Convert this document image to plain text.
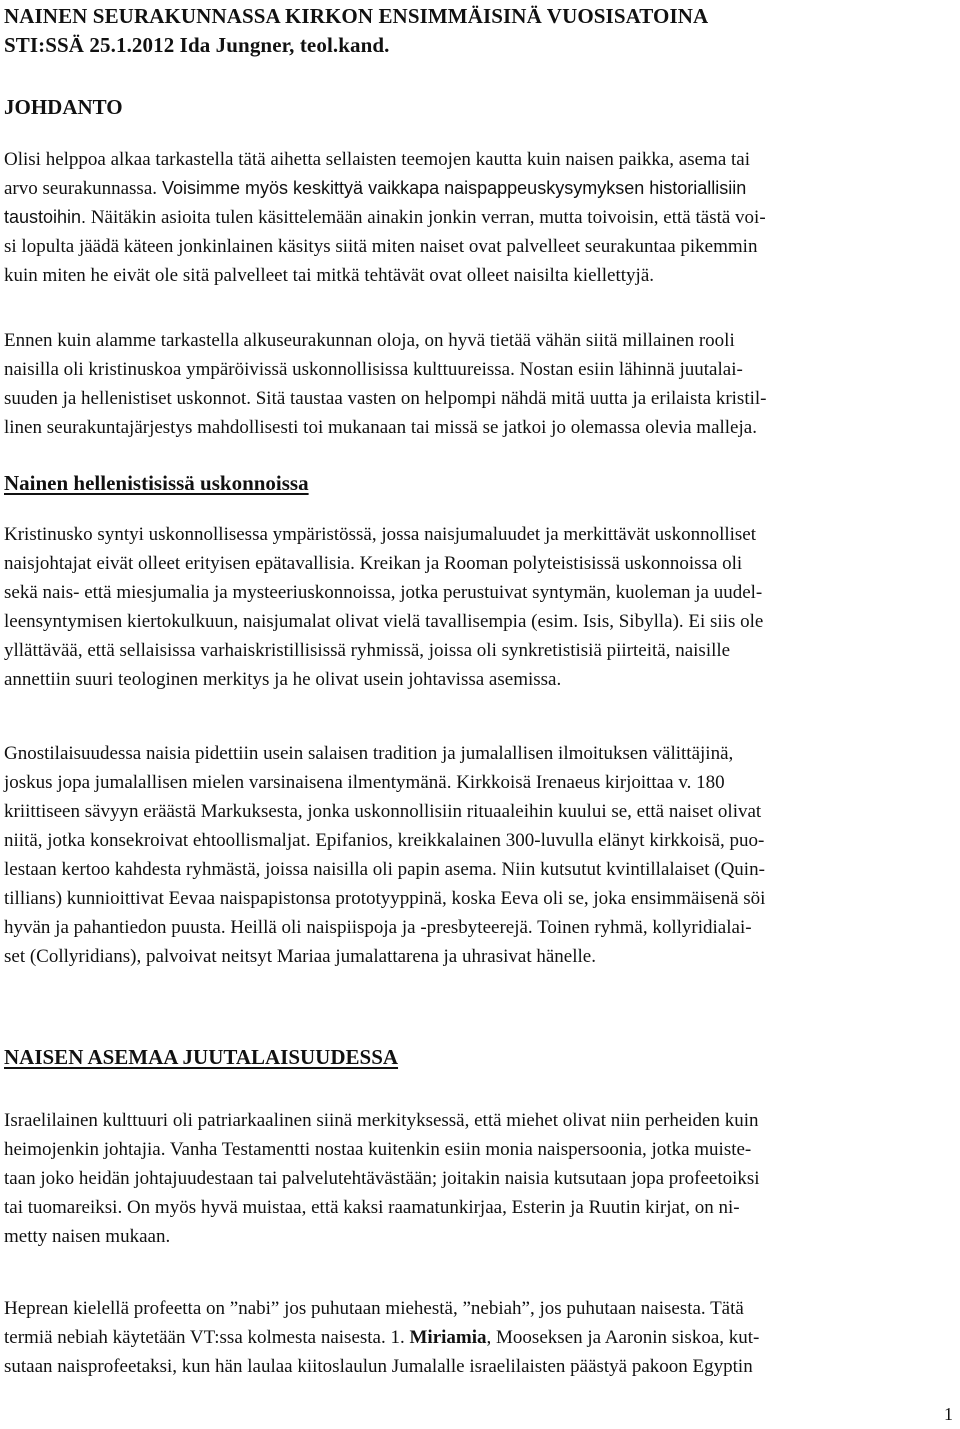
NAINEN SEURAKUNNASSA KIRKON ENSIMMÄISINÄ VUOSISATOINA
STI:SSÄ 25.1.2012 Ida Jungner, teol.kand.
JOHDANTO

Olisi helppoa alkaa tarkastella tätä aihetta sellaisten teemojen kautta kuin naisen paikka, asema tai
arvo seurakunnassa. Voisimme myös keskittyä vaikkapa naispappeuskysymyksen historiallisiin
taustoihin. Näitäkin asioita tulen käsittelemään ainakin jonkin verran, mutta toivoisin, että tästä voi-
si lopulta jäädä käteen jonkinlainen käsitys siitä miten naiset ovat palvelleet seurakuntaa pikemmin
kuin miten he eivät ole sitä palvelleet tai mitkä tehtävät ovat olleet naisilta kiellettyjä.

Ennen kuin alamme tarkastella alkuseurakunnan oloja, on hyvä tietää vähän siitä millainen rooli
naisilla oli kristinuskoa ympäröivissä uskonnollisissa kulttuureissa. Nostan esiin lähinnä juutalai-
suuden ja hellenistiset uskonnot. Sitä taustaa vasten on helpompi nähdä mitä uutta ja erilaista kristil-
linen seurakuntajärjestys mahdollisesti toi mukanaan tai missä se jatkoi jo olemassa olevia malleja.

Nainen hellenistisissä uskonnoissa

Kristinusko syntyi uskonnollisessa ympäristössä, jossa naisjumaluudet ja merkittävät uskonnolliset
naisjohtajat eivät olleet erityisen epätavallisia. Kreikan ja Rooman polyteistisissä uskonnoissa oli
sekä nais- että miesjumalia ja mysteeriuskonnoissa, jotka perustuivat syntymän, kuoleman ja uudel-
leensyntymisen kiertokulkuun, naisjumalat olivat vielä tavallisempia (esim. Isis, Sibylla). Ei siis ole
yllättävää, että sellaisissa varhaiskristillisissä ryhmissä, joissa oli synkretistisiä piirteitä, naisille
annettiin suuri teologinen merkitys ja he olivat usein johtavissa asemissa.

Gnostilaisuudessa naisia pidettiin usein salaisen tradition ja jumalallisen ilmoituksen välittäjinä,
joskus jopa jumalallisen mielen varsinaisena ilmentymänä. Kirkkoisä Irenaeus kirjoittaa v. 180
kriittiseen sävyyn eräästä Markuksesta, jonka uskonnollisiin rituaaleihin kuului se, että naiset olivat
niitä, jotka konsekroivat ehtoollismaljat. Epifanios, kreikkalainen 300-luvulla elänyt kirkkoisä, puo-
lestaan kertoo kahdesta ryhmästä, joissa naisilla oli papin asema. Niin kutsutut kvintillalaiset (Quin-
tillians) kunnioittivat Eevaa naispapistonsa prototyyppinä, koska Eeva oli se, joka ensimmäisenä söi
hyvän ja pahantiedon puusta. Heillä oli naispiispoja ja -presbyteerejä. Toinen ryhmä, kollyridialai-
set (Collyridians), palvoivat neitsyt Mariaa jumalattarena ja uhrasivat hänelle.

NAISEN ASEMAA JUUTALAISUUDESSA

Israelilainen kulttuuri oli patriarkaalinen siinä merkityksessä, että miehet olivat niin perheiden kuin
heimojenkin johtajia. Vanha Testamentti nostaa kuitenkin esiin monia naispersoonia, jotka muiste-
taan joko heidän johtajuudestaan tai palvelutehtävästään; joitakin naisia kutsutaan jopa profeetoiksi
tai tuomareiksi. On myös hyvä muistaa, että kaksi raamatunkirjaa, Esterin ja Ruutin kirjat, on ni-
metty naisen mukaan.

Heprean kielellä profeetta on ”nabi” jos puhutaan miehestä, ”nebiah”, jos puhutaan naisesta. Tätä
termiä nebiah käytetään VT:ssa kolmesta naisesta. 1. Miriamia, Mooseksen ja Aaronin siskoa, kut-
sutaan naisprofeetaksi, kun hän laulaa kiitoslaulun Jumalalle israelilaisten päästyä pakoon Egyptin

1
